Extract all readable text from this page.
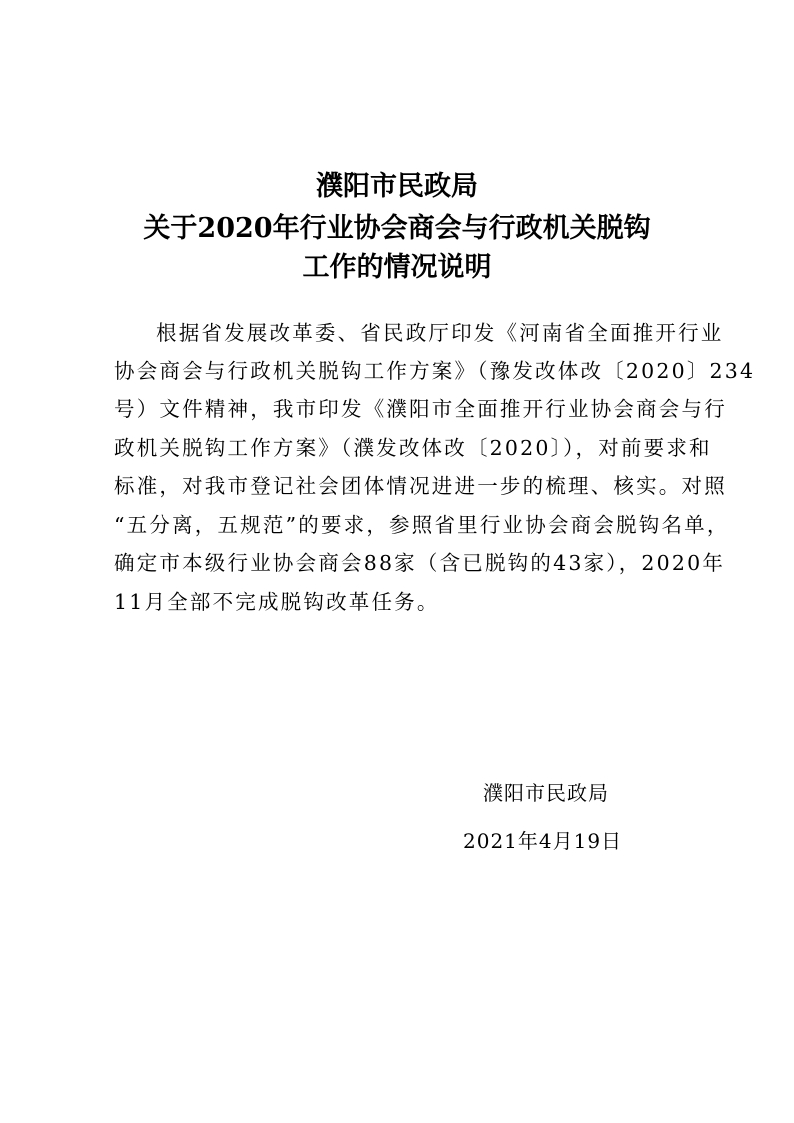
濮阳市民政局
关于2020年行业协会商会与行政机关脱钩
工作的情况说明
根据省发展改革委、省民政厅印发《河南省全面推开行业
协会商会与行政机关脱钩工作方案》（豫发改体改〔2020〕234
号）文件精神，我市印发《濮阳市全面推开行业协会商会与行
政机关脱钩工作方案》（濮发改体改〔2020〕），对前要求和
标准，对我市登记社会团体情况进进一步的梳理、核实。对照
“五分离，五规范”的要求，参照省里行业协会商会脱钩名单，
确定市本级行业协会商会88家（含已脱钩的43家），2020年
11月全部不完成脱钩改革任务。
濮阳市民政局
2021年4月19日
